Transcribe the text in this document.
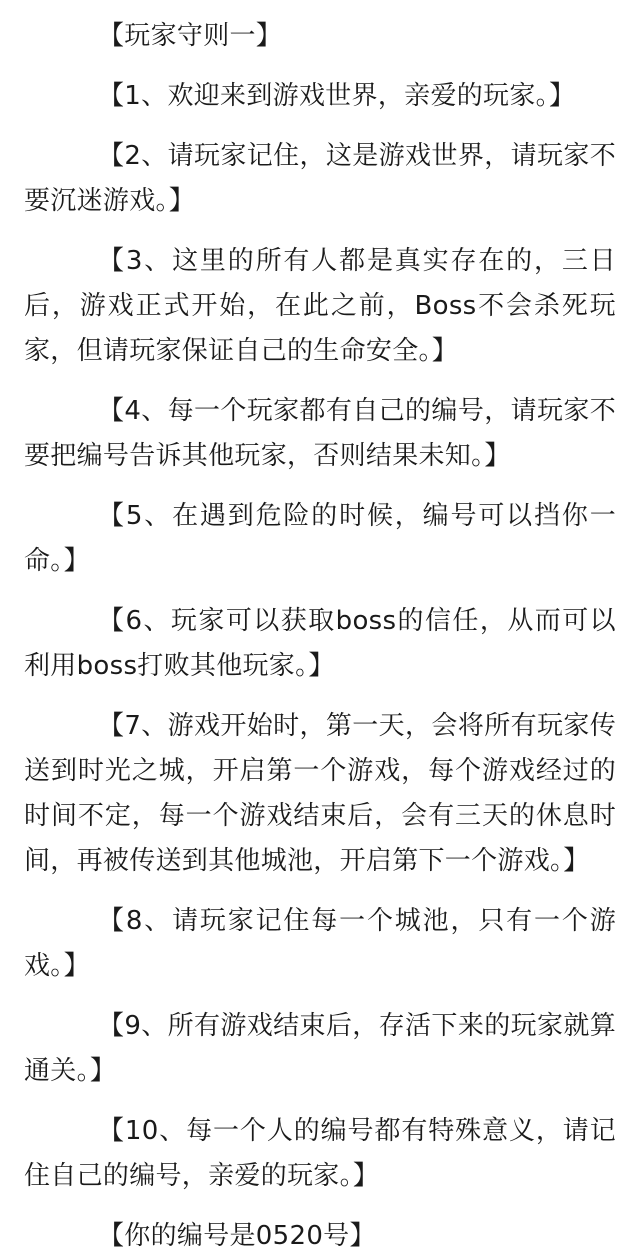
【玩家守则一】

【1、欢迎来到游戏世界，亲爱的玩家。】

【2、请玩家记住，这是游戏世界，请玩家不要沉迷游戏。】

【3、这里的所有人都是真实存在的，三日后，游戏正式开始，在此之前，Boss不会杀死玩家，但请玩家保证自己的生命安全。】

【4、每一个玩家都有自己的编号，请玩家不要把编号告诉其他玩家，否则结果未知。】

【5、在遇到危险的时候，编号可以挡你一命。】

【6、玩家可以获取boss的信任，从而可以利用boss打败其他玩家。】

【7、游戏开始时，第一天，会将所有玩家传送到时光之城，开启第一个游戏，每个游戏经过的时间不定，每一个游戏结束后，会有三天的休息时间，再被传送到其他城池，开启第下一个游戏。】

【8、请玩家记住每一个城池，只有一个游戏。】

【9、所有游戏结束后，存活下来的玩家就算通关。】

【10、每一个人的编号都有特殊意义，请记住自己的编号，亲爱的玩家。】

【你的编号是0520号】
